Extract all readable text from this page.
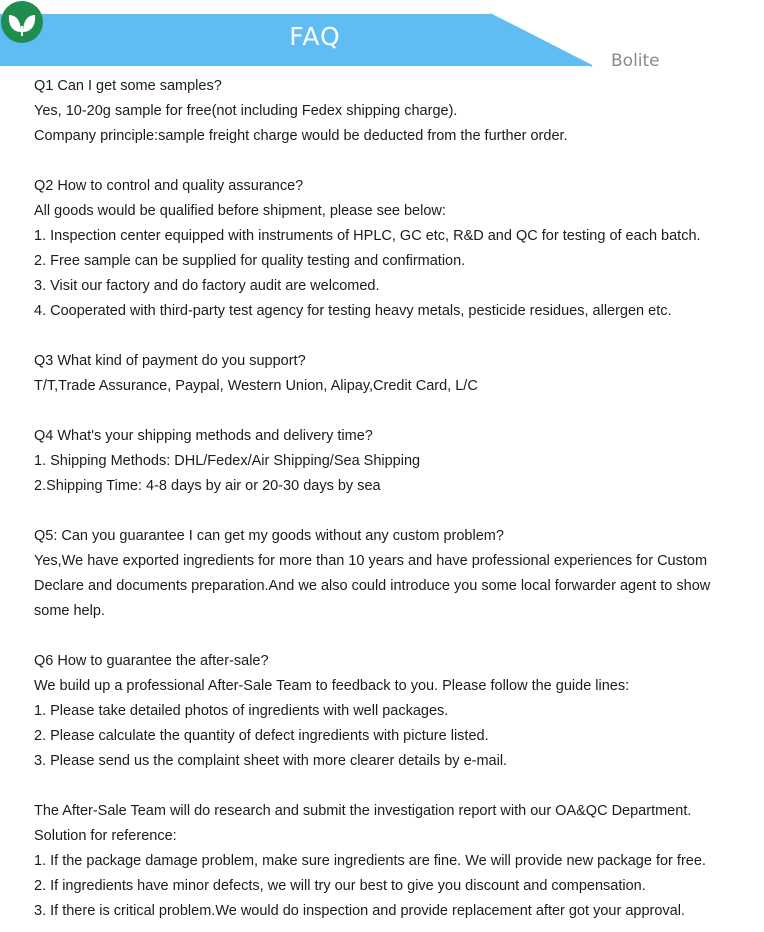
FAQ
Bolite
Q1 Can I get some samples?
Yes, 10-20g sample for free(not including Fedex shipping charge).
Company principle:sample freight charge would be deducted from the further order.
Q2 How to control and quality assurance?
All goods would be qualified before shipment, please see below:
1. Inspection center equipped with instruments of HPLC, GC etc, R&D and QC for testing of each batch.
2. Free sample can be supplied for quality testing and confirmation.
3. Visit our factory and do factory audit are welcomed.
4. Cooperated with third-party test agency for testing heavy metals, pesticide residues, allergen etc.
Q3 What kind of payment do you support?
T/T,Trade Assurance, Paypal, Western Union, Alipay,Credit Card, L/C
Q4 What's your shipping methods and delivery time?
1. Shipping Methods: DHL/Fedex/Air Shipping/Sea Shipping
2.Shipping Time: 4-8 days by air or 20-30 days by sea
Q5: Can you guarantee I can get my goods without any custom problem?
Yes,We have exported ingredients for more than 10 years and have professional experiences for Custom Declare and documents preparation.And we also could introduce you some local forwarder agent to show some help.
Q6 How to guarantee the after-sale?
We build up a professional After-Sale Team to feedback to you. Please follow the guide lines:
1. Please take detailed photos of ingredients with well packages.
2. Please calculate the quantity of defect ingredients with picture listed.
3. Please send us the complaint sheet with more clearer details by e-mail.
The After-Sale Team will do research and submit the investigation report with our OA&QC Department.
Solution for reference:
1. If the package damage problem, make sure ingredients are fine. We will provide new package for free.
2. If ingredients have minor defects, we will try our best to give you discount and compensation.
3. If there is critical problem.We would do inspection and provide replacement after got your approval.
